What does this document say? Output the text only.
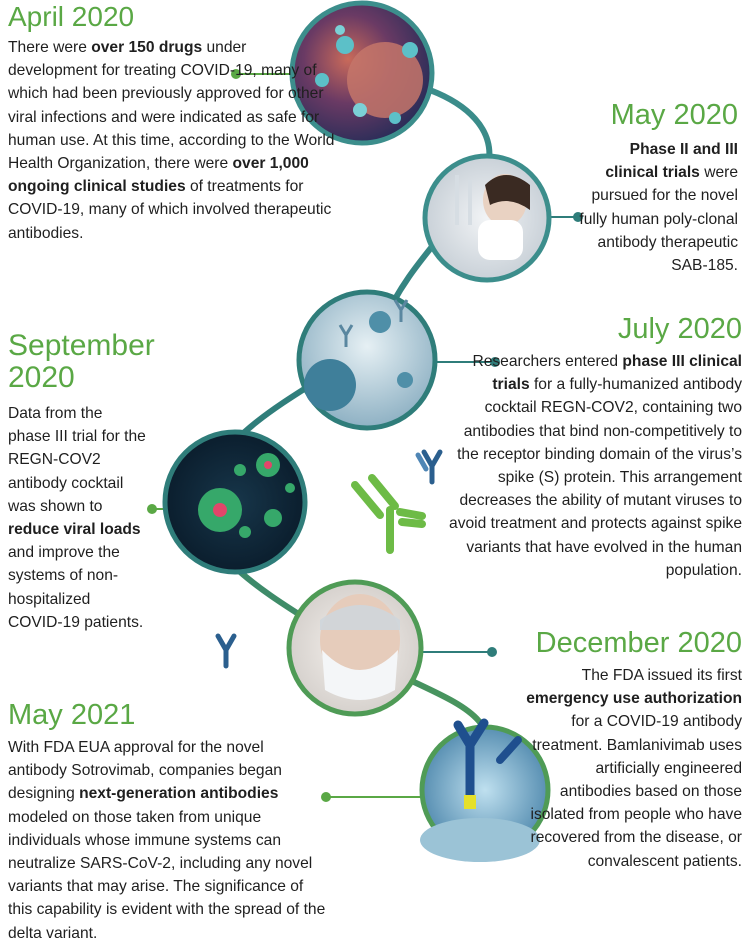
April 2020
There were over 150 drugs under development for treating COVID-19, many of which had been previously approved for other viral infections and were indicated as safe for human use. At this time, according to the World Health Organization, there were over 1,000 ongoing clinical studies of treatments for COVID-19, many of which involved therapeutic antibodies.
May 2020
Phase II and III clinical trials were pursued for the novel fully human poly-clonal antibody therapeutic SAB-185.
July 2020
Researchers entered phase III clinical trials for a fully-humanized antibody cocktail REGN-COV2, containing two antibodies that bind non-competitively to the receptor binding domain of the virus’s spike (S) protein. This arrangement decreases the ability of mutant viruses to avoid treatment and protects against spike variants that have evolved in the human population.
September
2020
Data from the phase III trial for the REGN-COV2 antibody cocktail was shown to reduce viral loads and improve the systems of non-hospitalized COVID-19 patients.
December 2020
The FDA issued its first emergency use authorization for a COVID-19 antibody treatment. Bamlanivimab uses artificially engineered antibodies based on those isolated from people who have recovered from the disease, or convalescent patients.
May 2021
With FDA EUA approval for the novel antibody Sotrovimab, companies began designing next-generation antibodies modeled on those taken from unique individuals whose immune systems can neutralize SARS-CoV-2, including any novel variants that may arise. The significance of this capability is evident with the spread of the delta variant.
